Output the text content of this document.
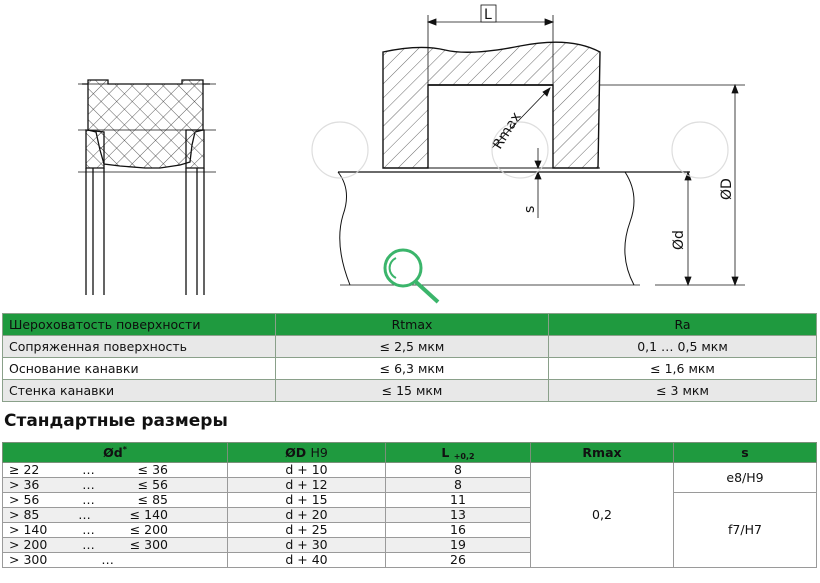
L
Rmax
s
ØD
Ød
Шероховатость поверхности	Rtmax	Ra
Сопряженная поверхность	≤ 2,5 мкм	0,1 … 0,5 мкм
Основание канавки	≤ 6,3 мкм	≤ 1,6 мкм
Стенка канавки	≤ 15 мкм	≤ 3 мкм
Стандартные размеры
Ød*	ØD H9	L $_{+0,2}$	Rmax	s

≥ 22 … ≤ 36	d + 10	8	0,2	e8/H9

> 36 … ≤ 56	d + 12	8		

> 56 … ≤ 85	d + 15	11		f7/H7

> 85 … ≤ 140	d + 20	13		

> 140 … ≤ 200	d + 25	16		

> 200 … ≤ 300	d + 30	19		

> 300 …	d + 40	26		
